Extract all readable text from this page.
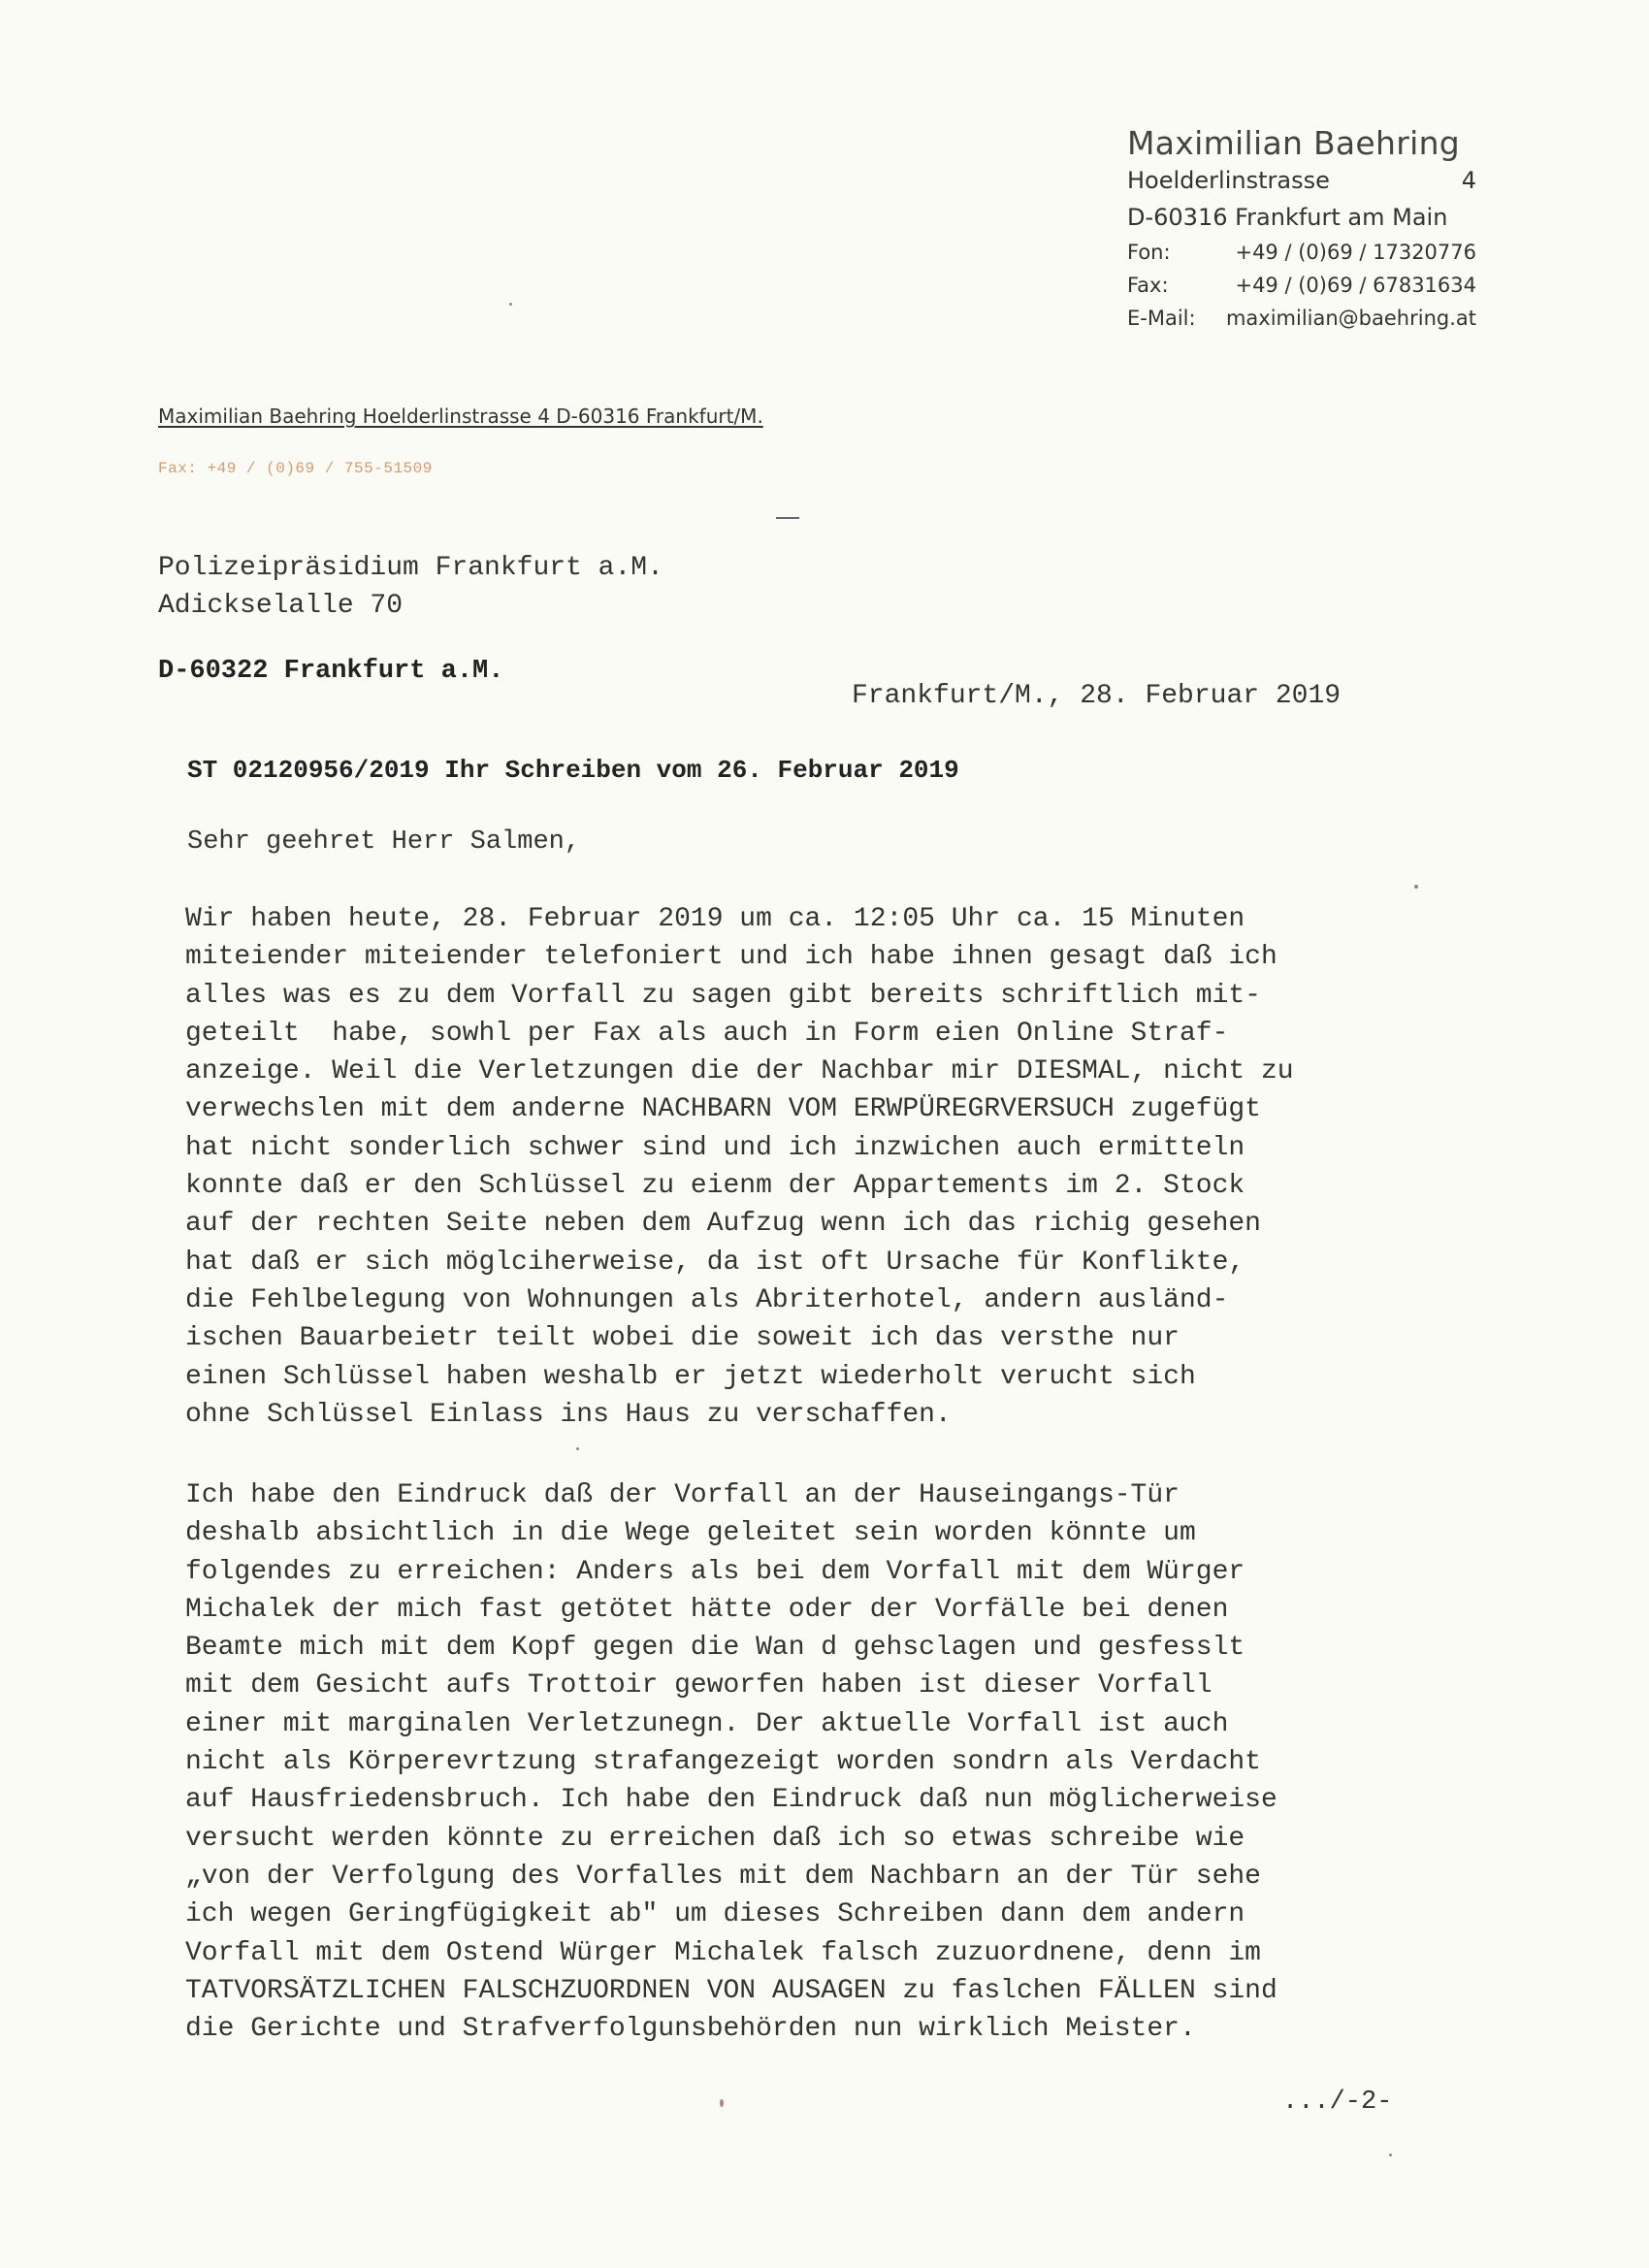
Maximilian Baehring
Hoelderlinstrasse	4
D-60316 Frankfurt am Main
Fon:	+49 / (0)69 / 17320776
Fax:	+49 / (0)69 / 67831634
E-Mail: maximilian@baehring.at
Maximilian Baehring Hoelderlinstrasse 4 D-60316 Frankfurt/M.
Fax: +49 / (0)69 / 755-51509
Polizeipräsidium Frankfurt a.M.
Adickselalle 70
D-60322 Frankfurt a.M.
Frankfurt/M., 28. Februar 2019
ST 02120956/2019 Ihr Schreiben vom 26. Februar 2019
Sehr geehret Herr Salmen,
Wir haben heute, 28. Februar 2019 um ca. 12:05 Uhr ca. 15 Minuten
miteiender miteiender telefoniert und ich habe ihnen gesagt daß ich
alles was es zu dem Vorfall zu sagen gibt bereits schriftlich mit-
geteilt  habe, sowhl per Fax als auch in Form eien Online Straf-
anzeige. Weil die Verletzungen die der Nachbar mir DIESMAL, nicht zu
verwechslen mit dem anderne NACHBARN VOM ERWPÜREGRVERSUCH zugefügt
hat nicht sonderlich schwer sind und ich inzwichen auch ermitteln
konnte daß er den Schlüssel zu eienm der Appartements im 2. Stock
auf der rechten Seite neben dem Aufzug wenn ich das richig gesehen
hat daß er sich möglciherweise, da ist oft Ursache für Konflikte,
die Fehlbelegung von Wohnungen als Abriterhotel, andern ausländ-
ischen Bauarbeietr teilt wobei die soweit ich das versthe nur
einen Schlüssel haben weshalb er jetzt wiederholt verucht sich
ohne Schlüssel Einlass ins Haus zu verschaffen.
Ich habe den Eindruck daß der Vorfall an der Hauseingangs-Tür
deshalb absichtlich in die Wege geleitet sein worden könnte um
folgendes zu erreichen: Anders als bei dem Vorfall mit dem Würger
Michalek der mich fast getötet hätte oder der Vorfälle bei denen
Beamte mich mit dem Kopf gegen die Wan d gehsclagen und gesfesslt
mit dem Gesicht aufs Trottoir geworfen haben ist dieser Vorfall
einer mit marginalen Verletzunegn. Der aktuelle Vorfall ist auch
nicht als Körperevrtzung strafangezeigt worden sondrn als Verdacht
auf Hausfriedensbruch. Ich habe den Eindruck daß nun möglicherweise
versucht werden könnte zu erreichen daß ich so etwas schreibe wie
„von der Verfolgung des Vorfalles mit dem Nachbarn an der Tür sehe
ich wegen Geringfügigkeit ab" um dieses Schreiben dann dem andern
Vorfall mit dem Ostend Würger Michalek falsch zuzuordnene, denn im
TATVORSÄTZLICHEN FALSCHZUORDNEN VON AUSAGEN zu faslchen FÄLLEN sind
die Gerichte und Strafverfolgunsbehörden nun wirklich Meister.
.../-2-
